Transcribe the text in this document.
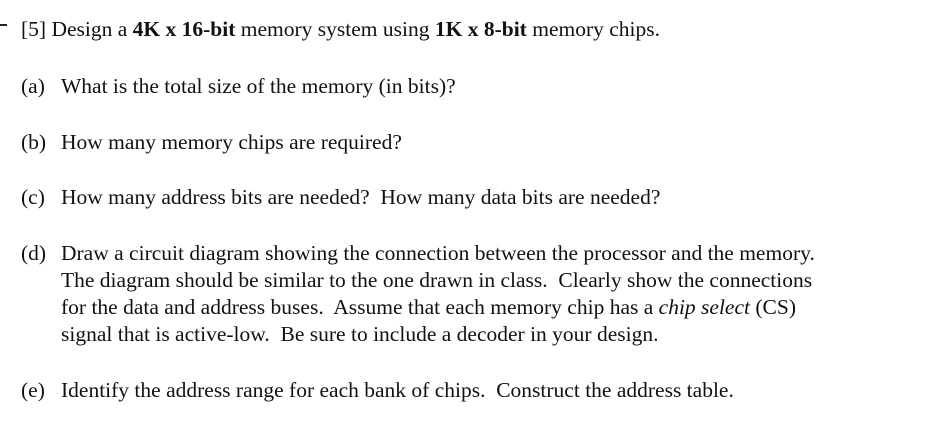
[5] Design a 4K x 16-bit memory system using 1K x 8-bit memory chips.
(a) What is the total size of the memory (in bits)?
(b) How many memory chips are required?
(c) How many address bits are needed?  How many data bits are needed?
(d) Draw a circuit diagram showing the connection between the processor and the memory.
The diagram should be similar to the one drawn in class.  Clearly show the connections
for the data and address buses.  Assume that each memory chip has a chip select (CS)
signal that is active-low.  Be sure to include a decoder in your design.
(e) Identify the address range for each bank of chips.  Construct the address table.
